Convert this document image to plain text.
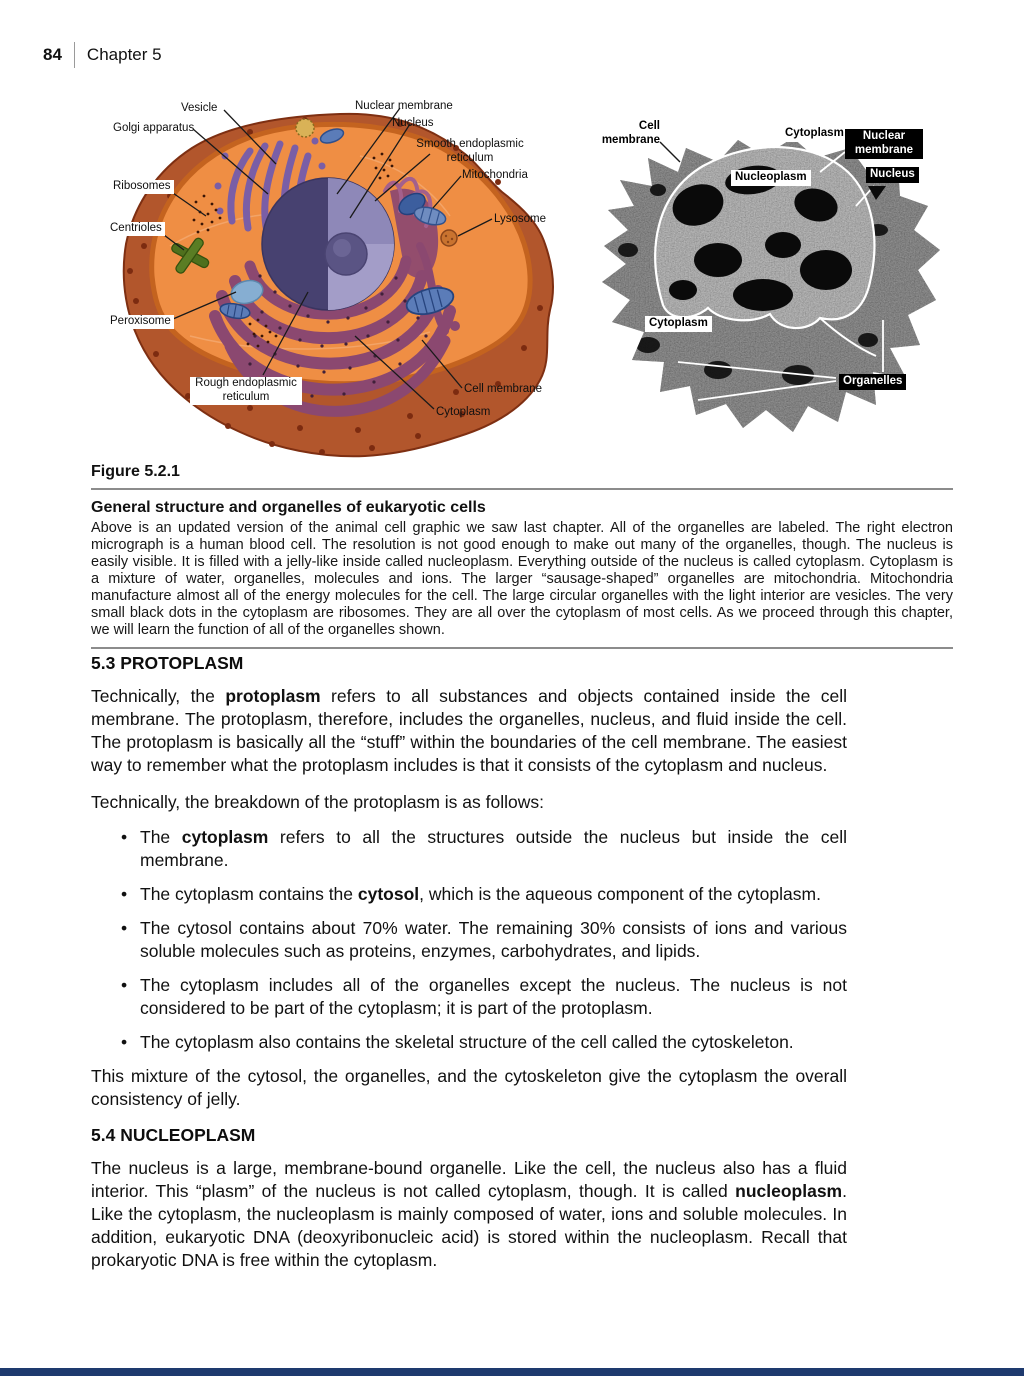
84 Chapter 5
Vesicle
Golgi apparatus
Nuclear membrane
Nucleus
Smooth endoplasmic reticulum
Mitochondria
Lysosome
Ribosomes
Centrioles
Peroxisome
Rough endoplasmic reticulum
Cell membrane
Cytoplasm
Cell membrane
Cytoplasm	Nuclear membrane
Nucleoplasm	Nucleus
Cytoplasm
Organelles

Figure 5.2.1

General structure and organelles of eukaryotic cells

Above is an updated version of the animal cell graphic we saw last chapter. All of the organelles are labeled. The right electron micrograph is a human blood cell. The resolution is not good enough to make out many of the organelles, though. The nucleus is easily visible. It is filled with a jelly-like inside called nucleoplasm. Everything outside of the nucleus is called cytoplasm. Cytoplasm is a mixture of water, organelles, molecules and ions. The larger “sausage-shaped” organelles are mitochondria. Mitochondria manufacture almost all of the energy molecules for the cell. The large circular organelles with the light interior are vesicles. The very small black dots in the cytoplasm are ribosomes. They are all over the cytoplasm of most cells. As we proceed through this chapter, we will learn the function of all of the organelles shown.

5.3 PROTOPLASM

Technically, the protoplasm refers to all substances and objects contained inside the cell membrane. The protoplasm, therefore, includes the organelles, nucleus, and fluid inside the cell. The protoplasm is basically all the “stuff” within the boundaries of the cell membrane. The easiest way to remember what the protoplasm includes is that it consists of the cytoplasm and nucleus.

Technically, the breakdown of the protoplasm is as follows:

• The cytoplasm refers to all the structures outside the nucleus but inside the cell membrane.
• The cytoplasm contains the cytosol, which is the aqueous component of the cytoplasm.
• The cytosol contains about 70% water. The remaining 30% consists of ions and various soluble molecules such as proteins, enzymes, carbohydrates, and lipids.
• The cytoplasm includes all of the organelles except the nucleus. The nucleus is not considered to be part of the cytoplasm; it is part of the protoplasm.
• The cytoplasm also contains the skeletal structure of the cell called the cytoskeleton.

This mixture of the cytosol, the organelles, and the cytoskeleton give the cytoplasm the overall consistency of jelly.

5.4 NUCLEOPLASM

The nucleus is a large, membrane-bound organelle. Like the cell, the nucleus also has a fluid interior. This “plasm” of the nucleus is not called cytoplasm, though. It is called nucleoplasm. Like the cytoplasm, the nucleoplasm is mainly composed of water, ions and soluble molecules. In addition, eukaryotic DNA (deoxyribonucleic acid) is stored within the nucleoplasm. Recall that prokaryotic DNA is free within the cytoplasm.
